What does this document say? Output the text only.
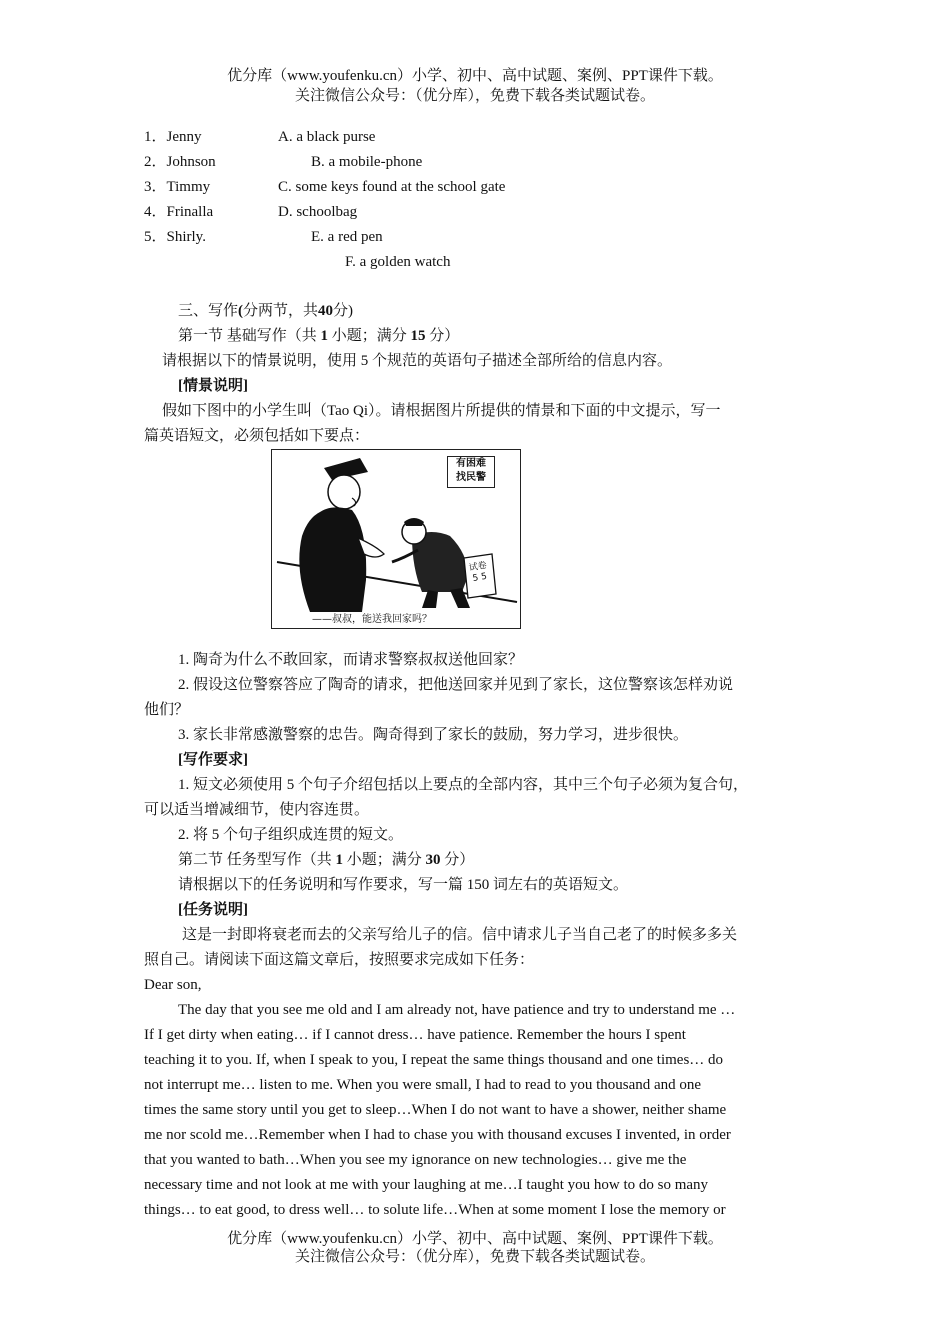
优分库（www.youfenku.cn）小学、初中、高中试题、案例、PPT课件下载。
关注微信公众号：（优分库），免费下载各类试题试卷。
1．Jenny
2．Johnson
3．Timmy
4．Frinalla
5．Shirly.
A. a black purse
B. a mobile-phone
C. some keys found at the school gate
D. schoolbag
E. a red pen
F. a golden watch
三、写作(分两节，共40分)
第一节 基础写作（共 1 小题；满分 15 分）
请根据以下的情景说明，使用 5 个规范的英语句子描述全部所给的信息内容。
[情景说明]
假如下图中的小学生叫（Tao Qi）。请根据图片所提供的情景和下面的中文提示，写一
篇英语短文，必须包括如下要点：
有困难
找民警
试卷
5 5
——叔叔，能送我回家吗？
1. 陶奇为什么不敢回家，而请求警察叔叔送他回家？
2. 假设这位警察答应了陶奇的请求，把他送回家并见到了家长，这位警察该怎样劝说
他们？
3. 家长非常感激警察的忠告。陶奇得到了家长的鼓励，努力学习，进步很快。
[写作要求]
1. 短文必须使用 5 个句子介绍包括以上要点的全部内容，其中三个句子必须为复合句，
可以适当增减细节，使内容连贯。
2. 将 5 个句子组织成连贯的短文。
第二节 任务型写作（共 1 小题；满分 30 分）
请根据以下的任务说明和写作要求，写一篇 150 词左右的英语短文。
[任务说明]
这是一封即将衰老而去的父亲写给儿子的信。信中请求儿子当自己老了的时候多多关
照自己。请阅读下面这篇文章后，按照要求完成如下任务：
Dear son,
The day that you see me old and I am already not, have patience and try to understand me …
If I get dirty when eating… if I cannot dress… have patience. Remember the hours I spent
teaching it to you. If, when I speak to you, I repeat the same things thousand and one times… do
not interrupt me… listen to me. When you were small, I had to read to you thousand and one
times the same story until you get to sleep…When I do not want to have a shower, neither shame
me nor scold me…Remember when I had to chase you with thousand excuses I invented, in order
that you wanted to bath…When you see my ignorance on new technologies… give me the
necessary time and not look at me with your laughing at me…I taught you how to do so many
things… to eat good, to dress well… to solute life…When at some moment I lose the memory or
优分库（www.youfenku.cn）小学、初中、高中试题、案例、PPT课件下载。
关注微信公众号：（优分库），免费下载各类试题试卷。
